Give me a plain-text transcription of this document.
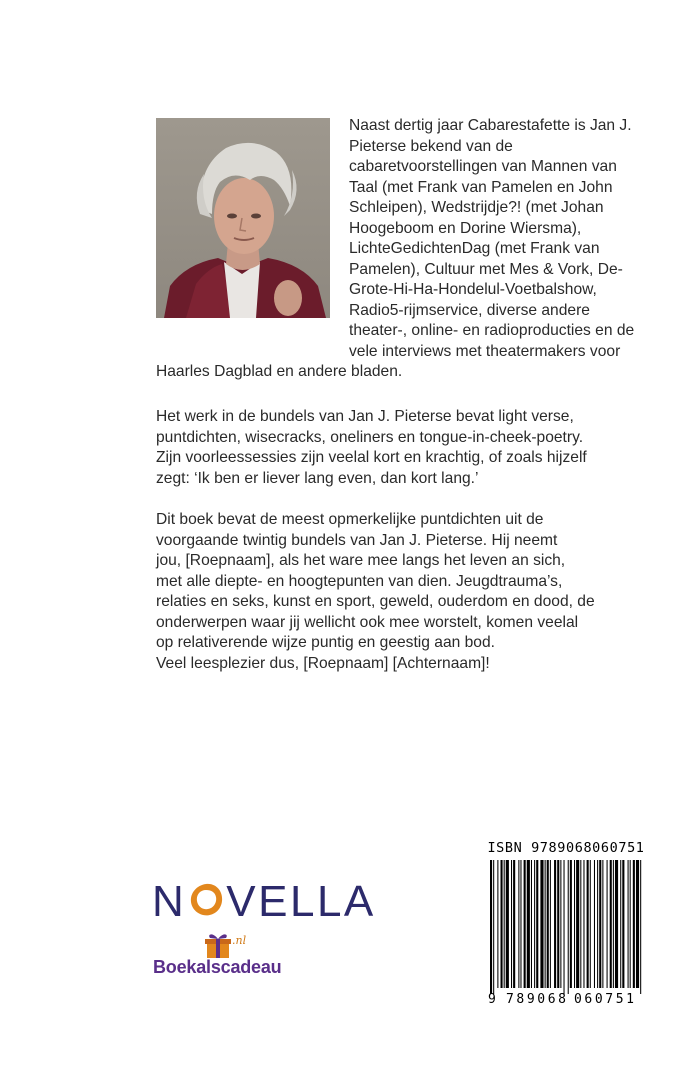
Naast dertig jaar Cabarestafette is Jan J. Pieterse bekend van de cabaretvoorstellingen van Mannen van Taal (met Frank van Pamelen en John Schleipen), Wedstrijdje?! (met Johan Hoogeboom en Dorine Wiersma), LichteGedichtenDag (met Frank van Pamelen), Cultuur met Mes & Vork, De-Grote-Hi-Ha-Hondelul-Voetbalshow, Radio5-rijmservice, diverse andere theater-, online- en radioproducties en de vele interviews met theatermakers voor Haarles Dagblad en andere bladen.

Het werk in de bundels van Jan J. Pieterse bevat light verse,
puntdichten, wisecracks, oneliners en tongue-in-cheek-poetry.
Zijn voorleessessies zijn veelal kort en krachtig, of zoals hijzelf
zegt: ‘Ik ben er liever lang even, dan kort lang.’
Dit boek bevat de meest opmerkelijke puntdichten uit de
voorgaande twintig bundels van Jan J. Pieterse. Hij neemt
jou, [Roepnaam], als het ware mee langs het leven an sich,
met alle diepte- en hoogtepunten van dien. Jeugdtrauma’s,
relaties en seks, kunst en sport, geweld, ouderdom en dood, de
onderwerpen waar jij wellicht ook mee worstelt, komen veelal
op relativerende wijze puntig en geestig aan bod.
Veel leesplezier dus, [Roepnaam] [Achternaam]!
ISBN 9789068060751
9 789068 060751
N VELLA
.nl
Boekalscadeau
